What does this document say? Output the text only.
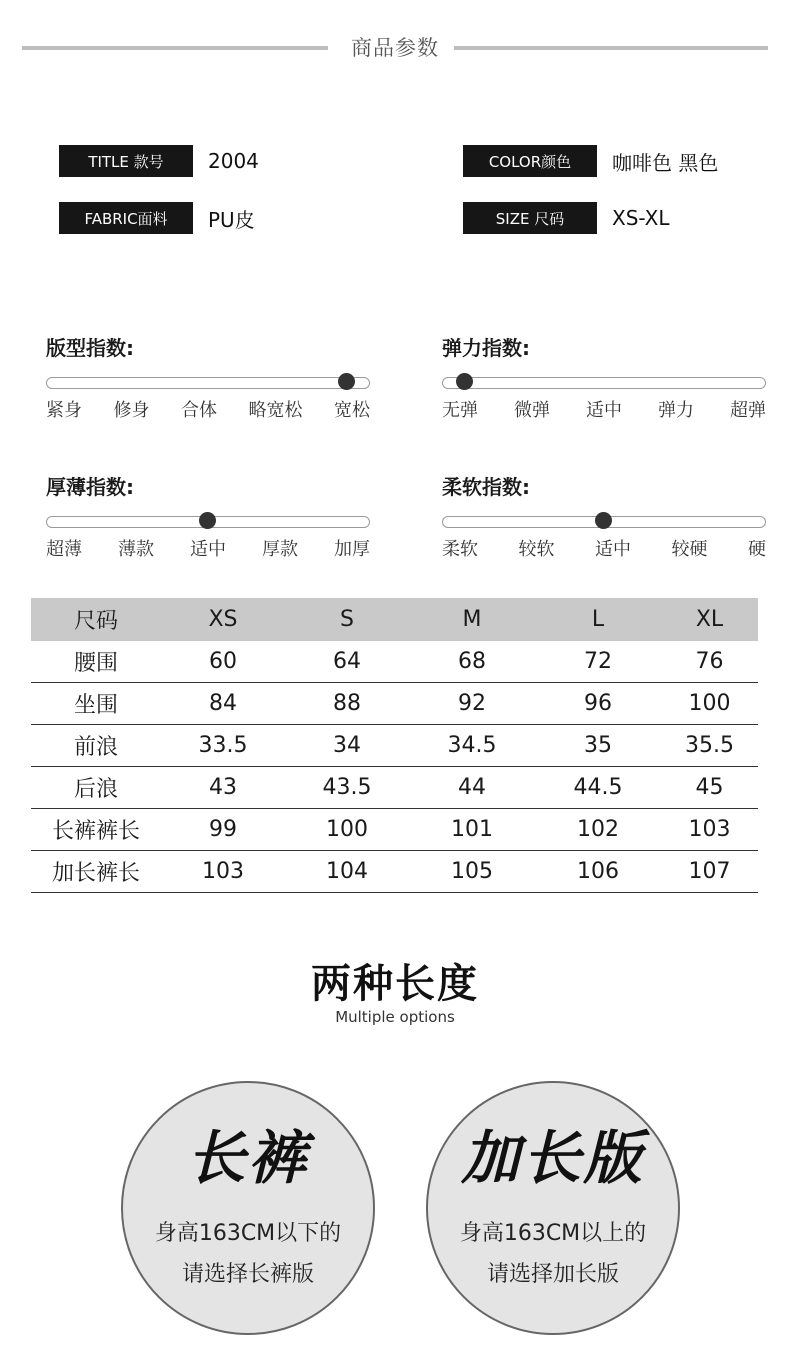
商品参数
TITLE 款号	2004	COLOR颜色	咖啡色 黑色
FABRIC面料	PU皮	SIZE 尺码	XS-XL
版型指数:
紧身 修身 合体 略宽松 宽松
弹力指数:
无弹 微弹 适中 弹力 超弹
厚薄指数:
超薄 薄款 适中 厚款 加厚
柔软指数:
柔软 较软 适中 较硬 硬
尺码	XS	S	M	L	XL
腰围	60	64	68	72	76
坐围	84	88	92	96	100
前浪	33.5	34	34.5	35	35.5
后浪	43	43.5	44	44.5	45
长裤裤长	99	100	101	102	103
加长裤长	103	104	105	106	107
两种长度
Multiple options
长裤
身高163CM以下的
请选择长裤版
加长版
身高163CM以上的
请选择加长版
